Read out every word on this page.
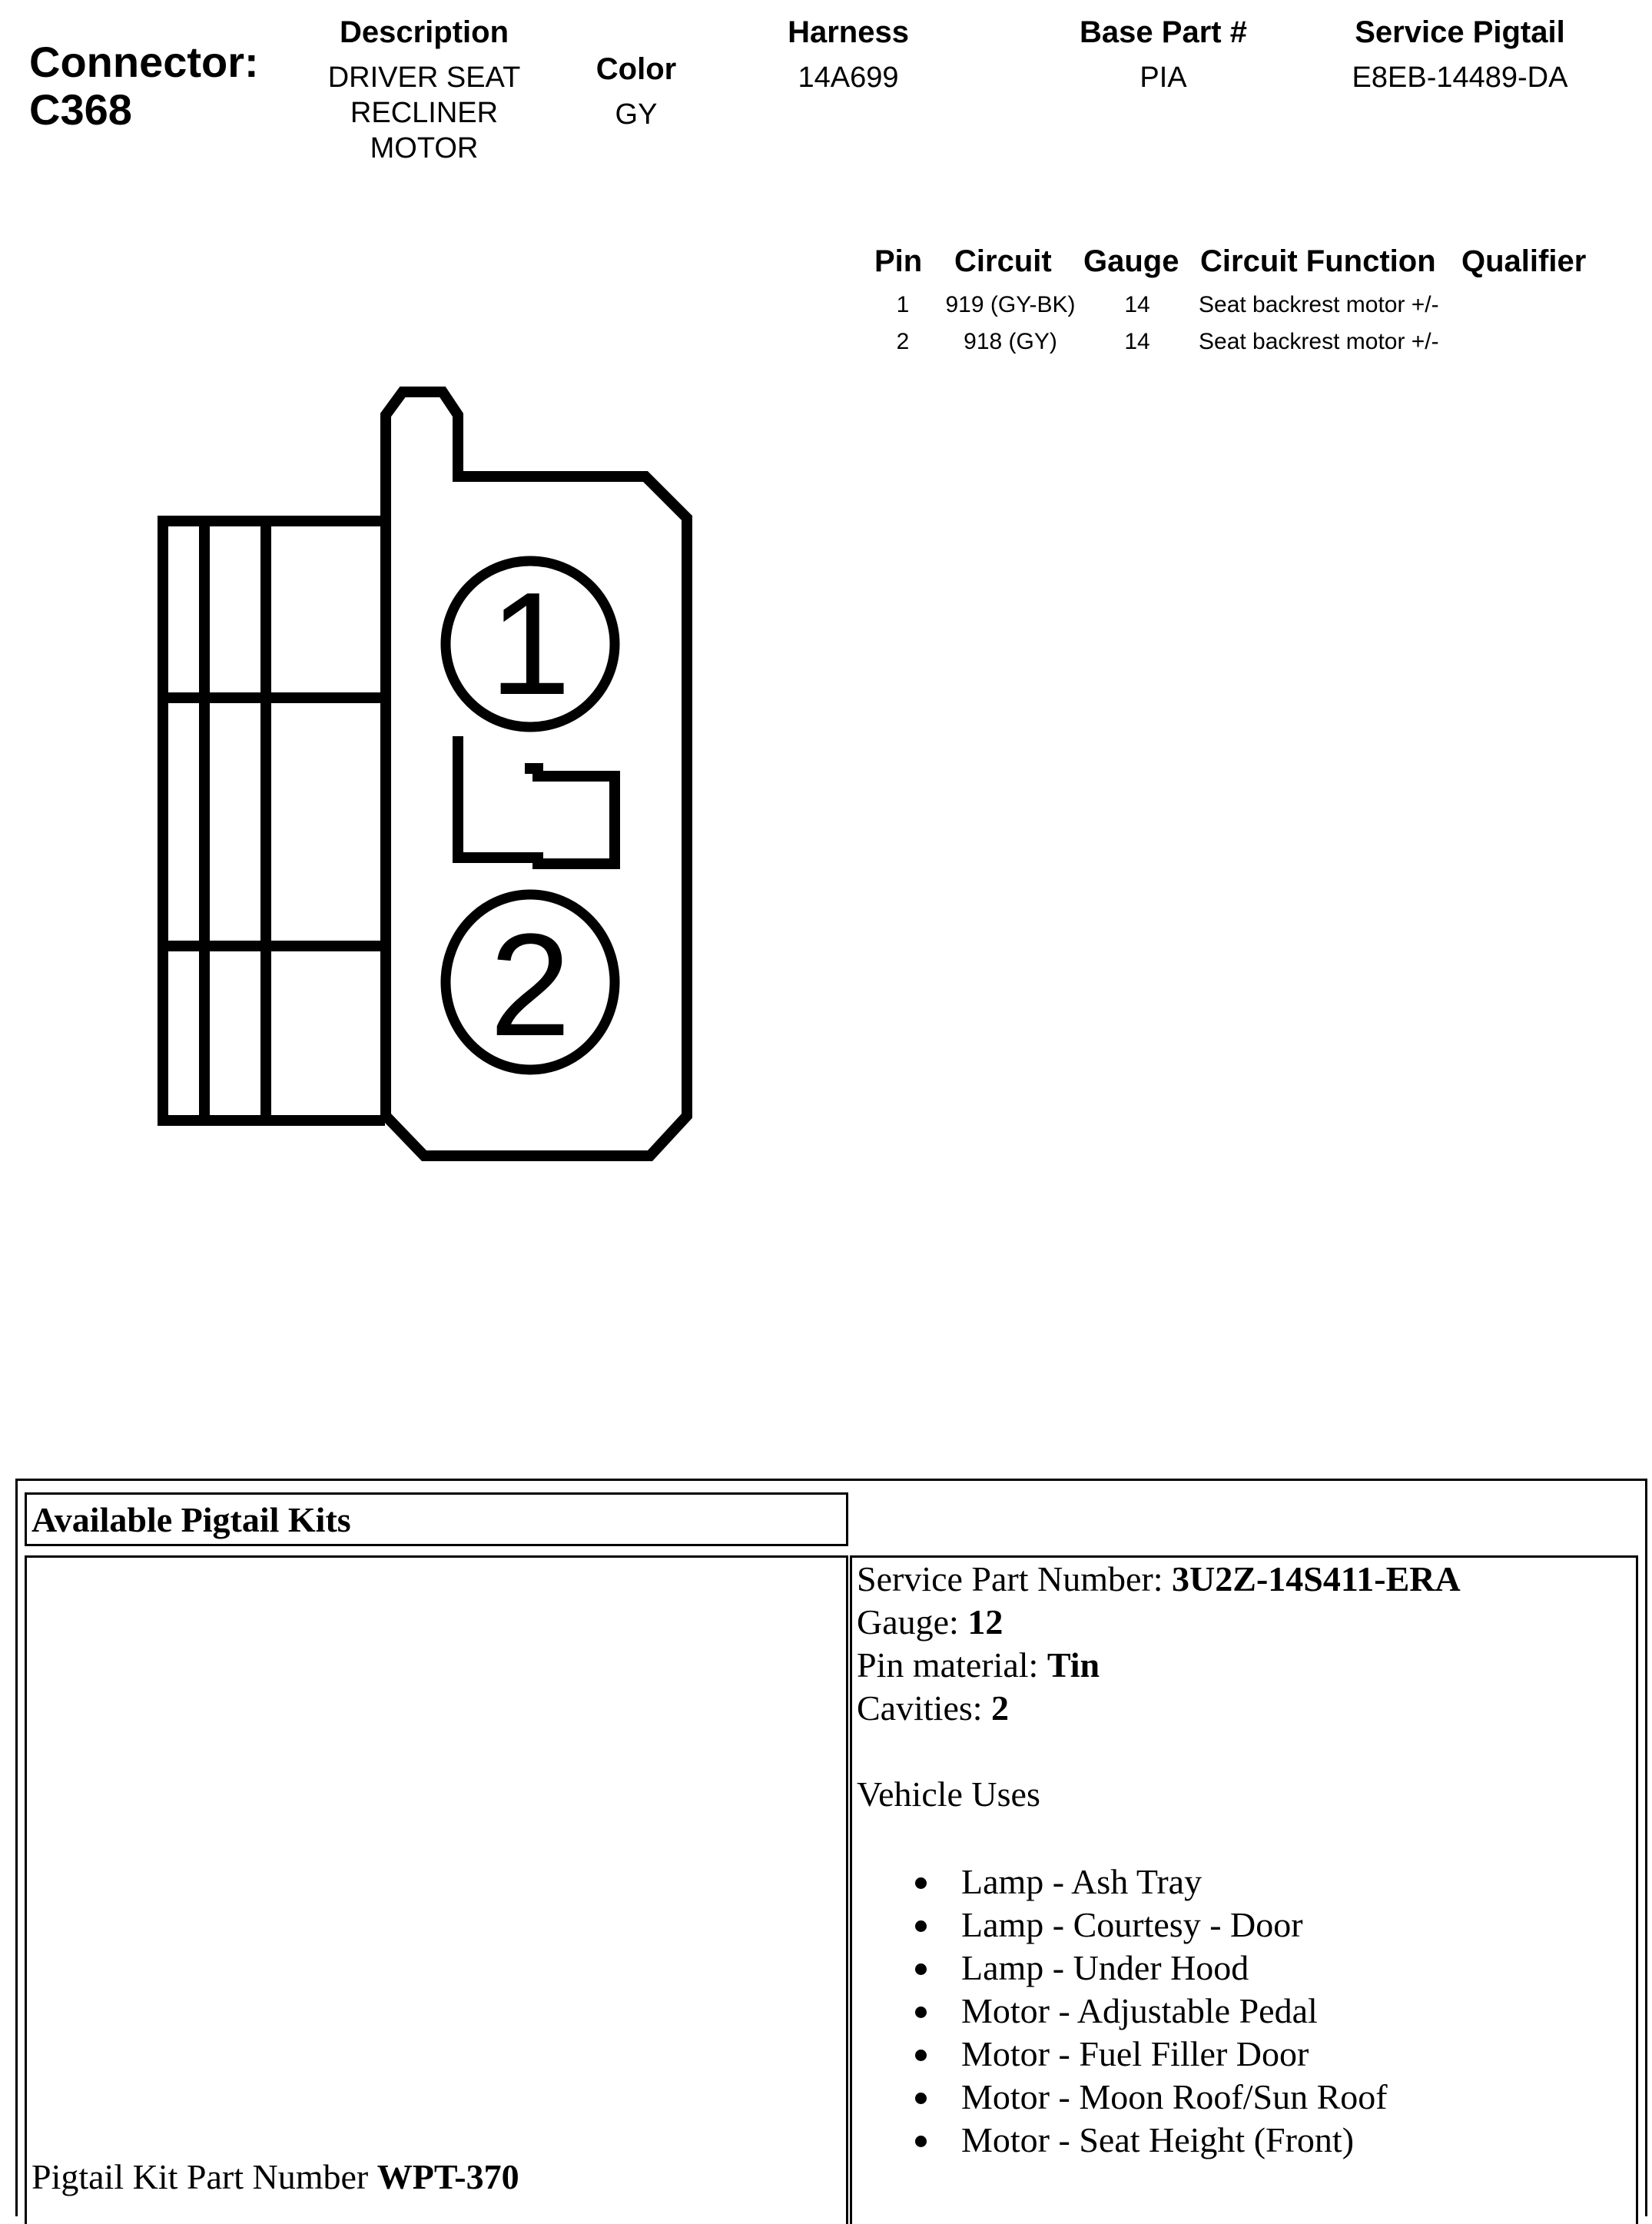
Connector:
C368
Description
DRIVER SEAT
RECLINER
MOTOR
Color
GY
Harness
14A699
Base Part #
PIA
Service Pigtail
E8EB-14489-DA
Pin Circuit Gauge Circuit Function Qualifier
1	919 (GY-BK)	14	Seat backrest motor +/-
2	918 (GY)	14	Seat backrest motor +/-
1
2
Available Pigtail Kits
Pigtail Kit Part Number WPT-370
Service Part Number: 3U2Z-14S411-ERA
Gauge: 12
Pin material: Tin
Cavities: 2
Vehicle Uses
Lamp - Ash Tray
Lamp - Courtesy - Door
Lamp - Under Hood
Motor - Adjustable Pedal
Motor - Fuel Filler Door
Motor - Moon Roof/Sun Roof
Motor - Seat Height (Front)
